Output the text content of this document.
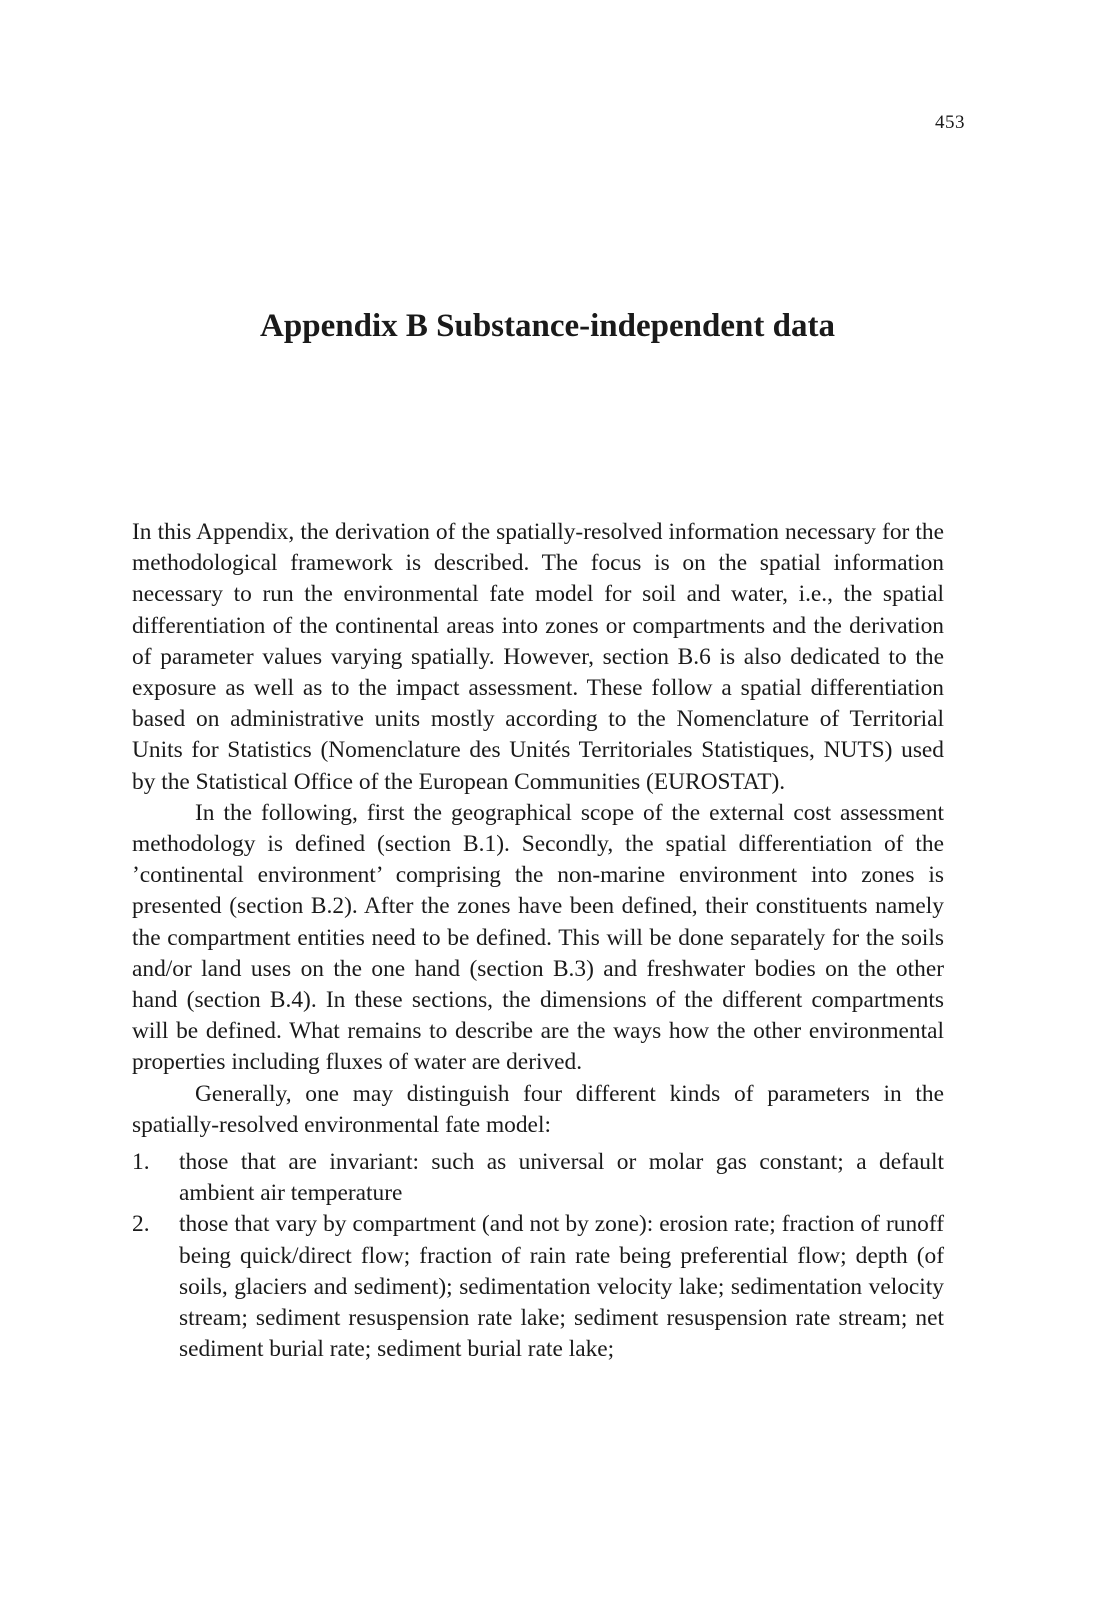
453
Appendix B Substance-independent data

In this Appendix, the derivation of the spatially-resolved information necessary for the methodological framework is described. The focus is on the spatial information necessary to run the environmental fate model for soil and water, i.e., the spatial differentiation of the continental areas into zones or compartments and the derivation of parameter values varying spatially. However, section B.6 is also dedicated to the exposure as well as to the impact assessment. These follow a spatial differentiation based on administrative units mostly according to the Nomenclature of Territorial Units for Statistics (Nomenclature des Unités Territoriales Statistiques, NUTS) used by the Statistical Office of the European Communities (EUROSTAT).

In the following, first the geographical scope of the external cost assessment methodology is defined (section B.1). Secondly, the spatial differentiation of the ’continental environment’ comprising the non-marine environment into zones is presented (section B.2). After the zones have been defined, their constituents namely the compartment entities need to be defined. This will be done separately for the soils and/or land uses on the one hand (section B.3) and freshwater bodies on the other hand (section B.4). In these sections, the dimensions of the different compartments will be defined. What remains to describe are the ways how the other environmental properties including fluxes of water are derived.

Generally, one may distinguish four different kinds of parameters in the spatially-resolved environmental fate model:

1.	those that are invariant: such as universal or molar gas constant; a default ambient air temperature
2.	those that vary by compartment (and not by zone): erosion rate; fraction of runoff being quick/direct flow; fraction of rain rate being preferential flow; depth (of soils, glaciers and sediment); sedimentation velocity lake; sedimentation velocity stream; sediment resuspension rate lake; sediment resuspension rate stream; net sediment burial rate; sediment burial rate lake;
